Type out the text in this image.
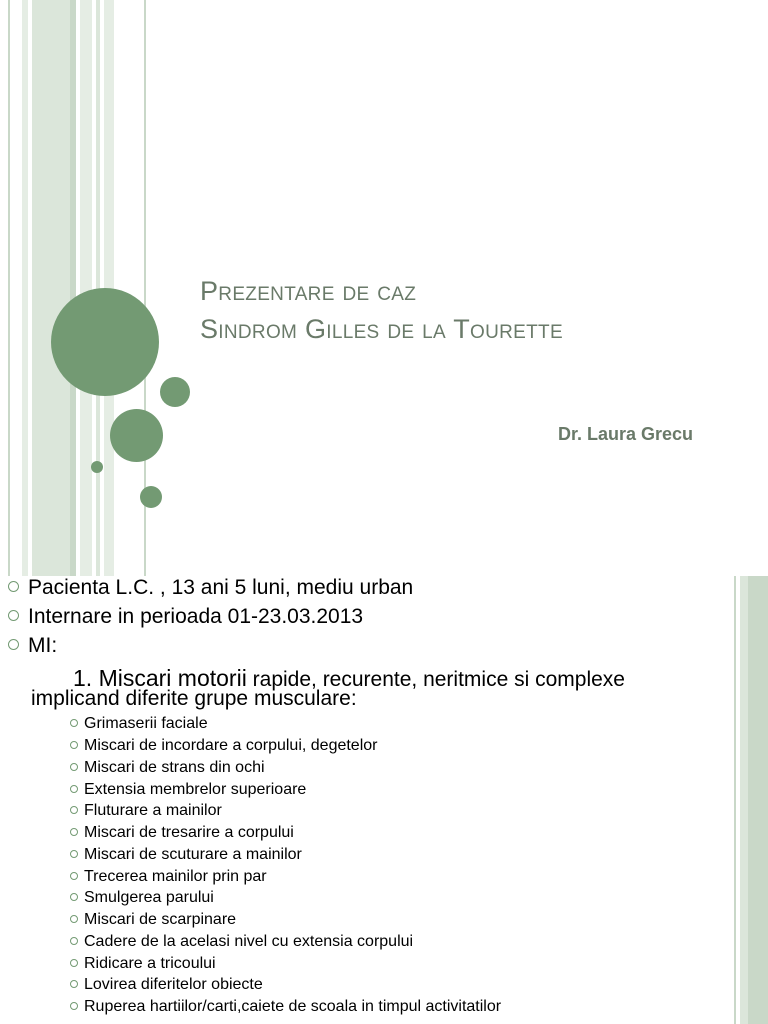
Prezentare de caz
Sindrom Gilles de la Tourette
Dr. Laura Grecu
Pacienta L.C. , 13 ani 5 luni, mediu urban
Internare in perioada 01-23.03.2013
MI:
1. Miscari motorii rapide, recurente, neritmice si complexe
implicand diferite grupe musculare:
Grimaserii faciale
Miscari de incordare a corpului, degetelor
Miscari de strans din ochi
Extensia membrelor superioare
Fluturare a mainilor
Miscari de tresarire a corpului
Miscari de scuturare a mainilor
Trecerea mainilor prin par
Smulgerea parului
Miscari de scarpinare
Cadere de la acelasi nivel cu extensia corpului
Ridicare a tricoului
Lovirea diferitelor obiecte
Ruperea hartiilor/carti,caiete de scoala in timpul activitatilor
